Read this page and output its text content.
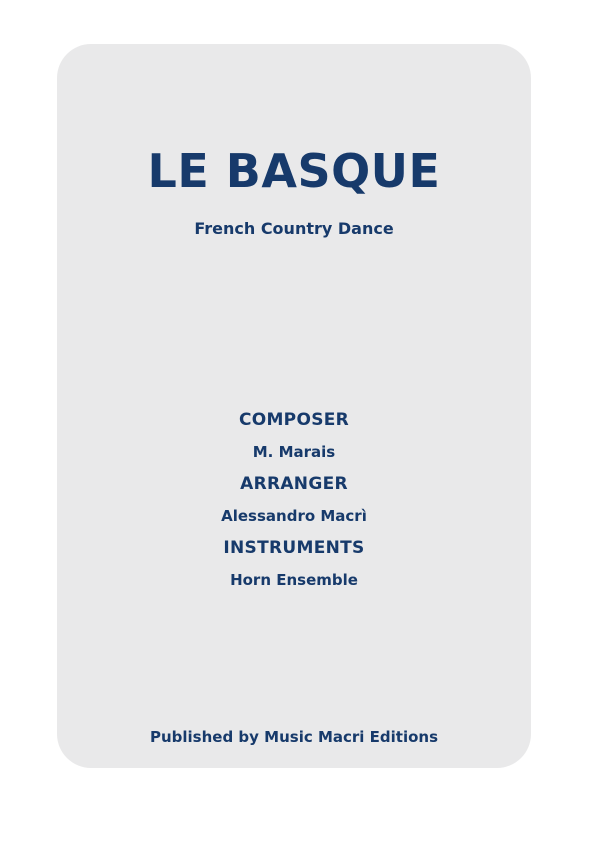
LE BASQUE
French Country Dance
COMPOSER
M. Marais
ARRANGER
Alessandro Macrì
INSTRUMENTS
Horn Ensemble
Published by Music Macri Editions
